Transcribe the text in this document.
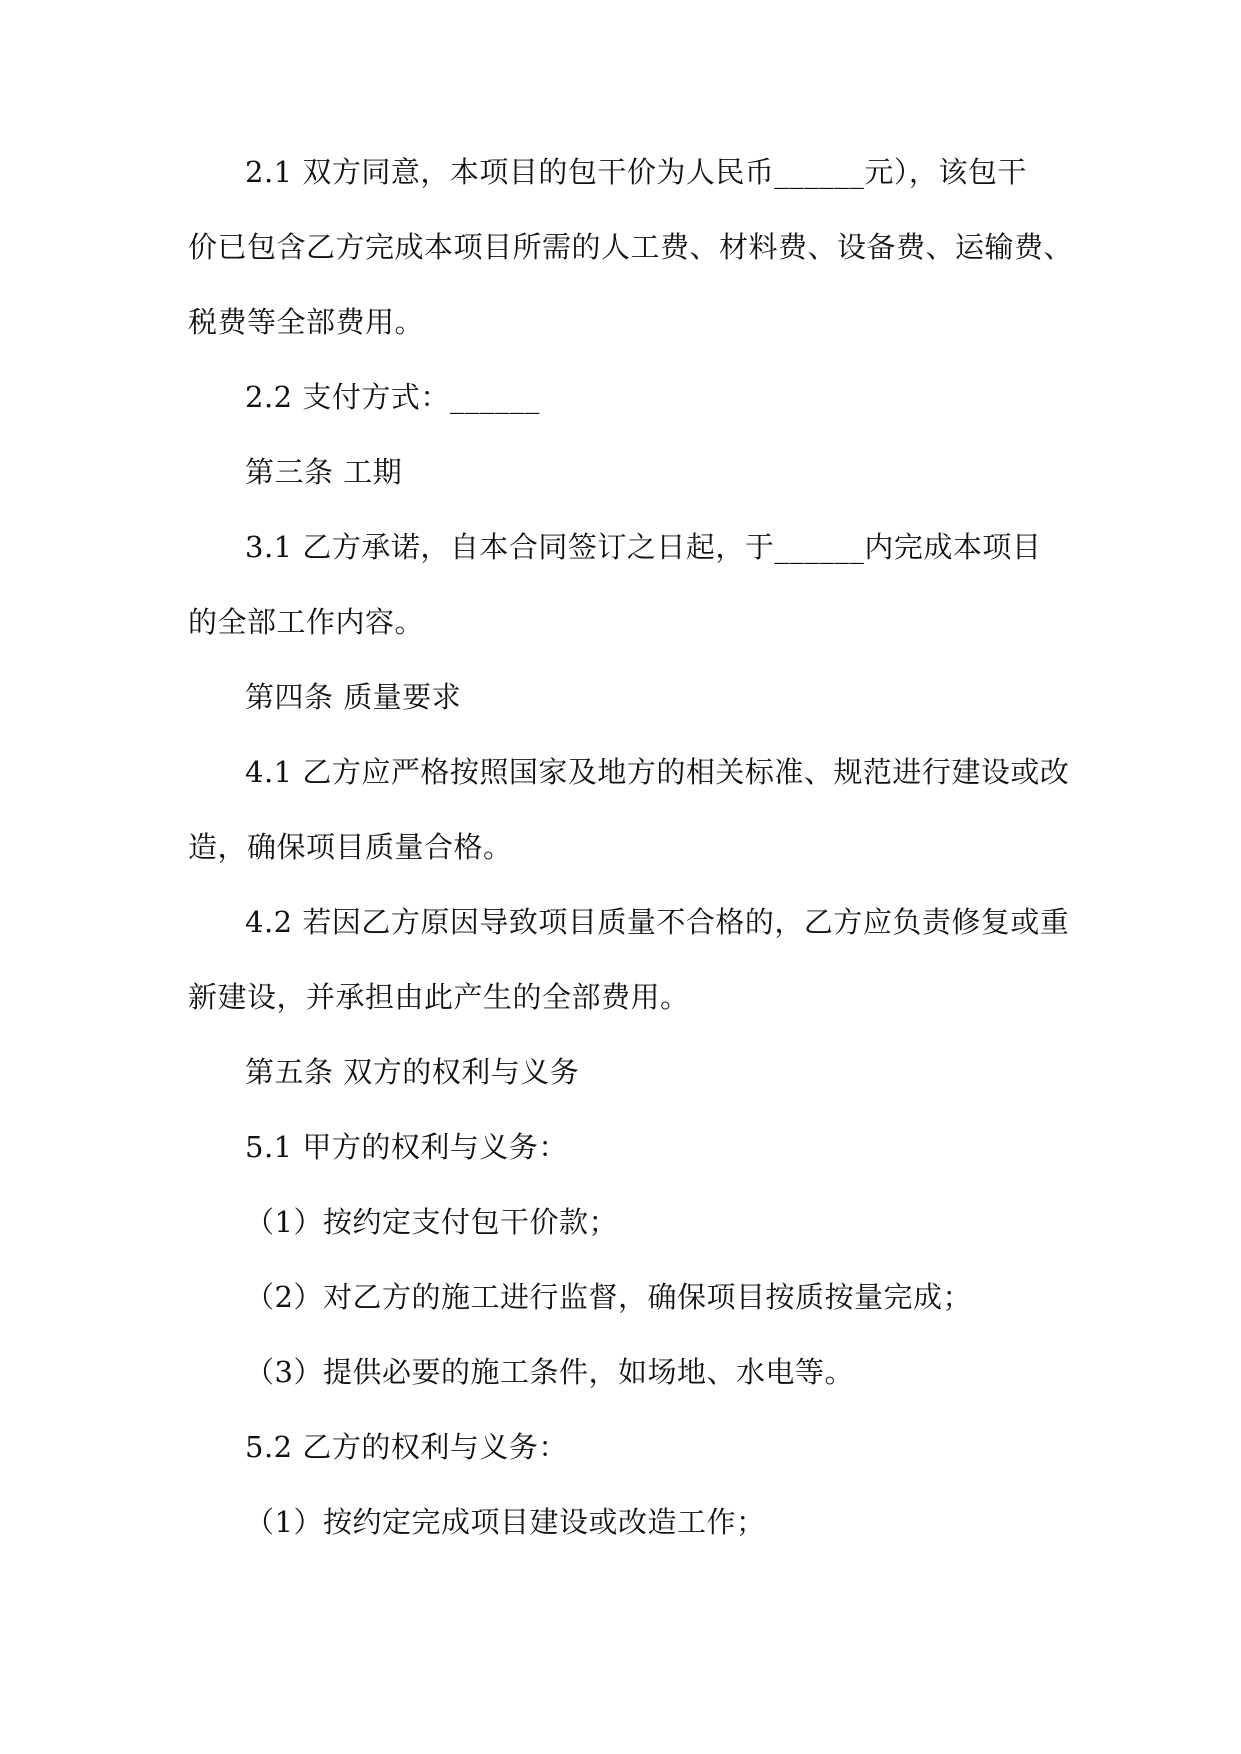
2.1 双方同意，本项目的包干价为人民币______元），该包干
价已包含乙方完成本项目所需的人工费、材料费、设备费、运输费、
税费等全部费用。
2.2 支付方式：______
第三条 工期
3.1 乙方承诺，自本合同签订之日起，于______内完成本项目
的全部工作内容。
第四条 质量要求
4.1 乙方应严格按照国家及地方的相关标准、规范进行建设或改
造，确保项目质量合格。
4.2 若因乙方原因导致项目质量不合格的，乙方应负责修复或重
新建设，并承担由此产生的全部费用。
第五条 双方的权利与义务
5.1 甲方的权利与义务：
（1）按约定支付包干价款；
（2）对乙方的施工进行监督，确保项目按质按量完成；
（3）提供必要的施工条件，如场地、水电等。
5.2 乙方的权利与义务：
（1）按约定完成项目建设或改造工作；
